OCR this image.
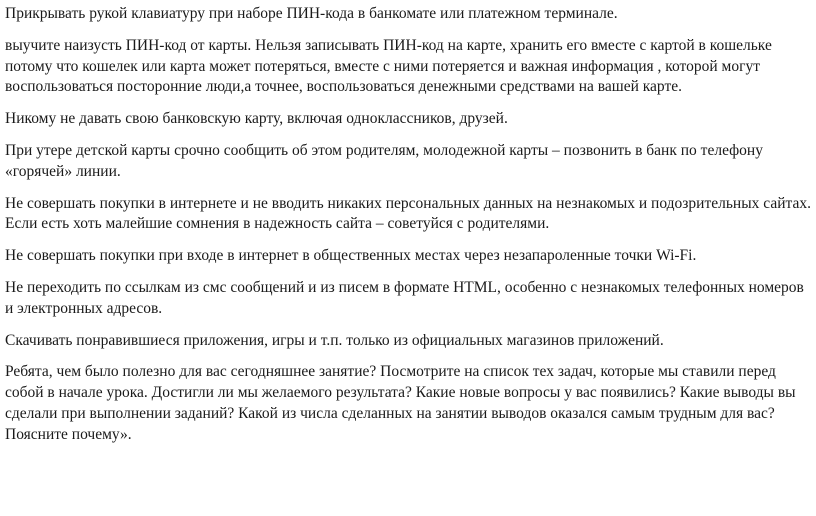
Прикрывать рукой клавиатуру при наборе ПИН-кода в банкомате или платежном терминале.

выучите наизусть ПИН-код от карты. Нельзя записывать ПИН-код на карте, хранить его вместе с картой в кошельке потому что кошелек или карта может потеряться, вместе с ними потеряется и важная информация , которой могут воспользоваться посторонние люди,а точнее, воспользоваться денежными средствами на вашей карте.

Никому не давать свою банковскую карту, включая одноклассников, друзей.

При утере детской карты срочно сообщить об этом родителям, молодежной карты – позвонить в банк по телефону «горячей» линии.

Не совершать покупки в интернете и не вводить никаких персональных данных на незнакомых и подозрительных сайтах. Если есть хоть малейшие сомнения в надежность сайта – советуйся с родителями.

Не совершать покупки при входе в интернет в общественных местах через незапароленные точки Wi-Fi.

Не переходить по ссылкам из смс сообщений и из писем в формате HTML, особенно с незнакомых телефонных номеров и электронных адресов.

Скачивать понравившиеся приложения, игры и т.п. только из официальных магазинов приложений.

Ребята, чем было полезно для вас сегодняшнее занятие? Посмотрите на список тех задач, которые мы ставили перед собой в начале урока. Достигли ли мы желаемого результата? Какие новые вопросы у вас появились? Какие выводы вы сделали при выполнении заданий? Какой из числа сделанных на занятии выводов оказался самым трудным для вас? Поясните почему».
